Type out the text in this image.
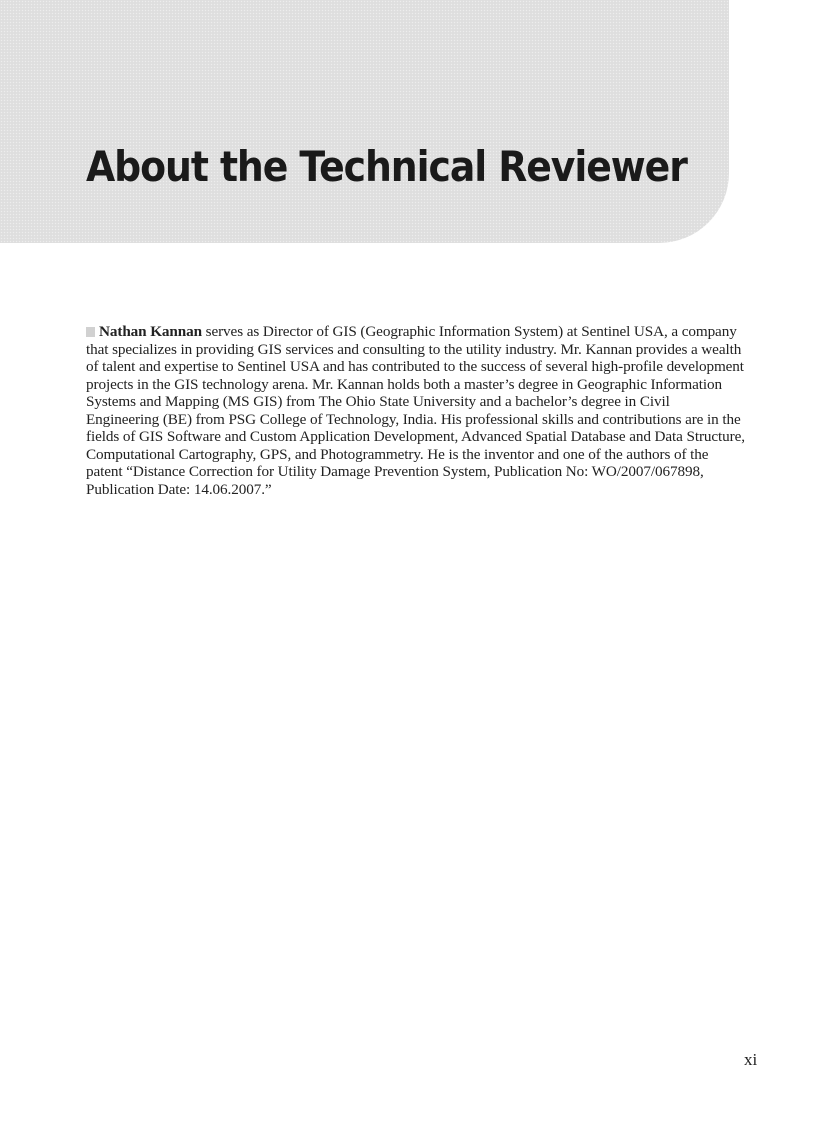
About the Technical Reviewer

Nathan Kannan serves as Director of GIS (Geographic Information System) at Sentinel USA, a company that specializes in providing GIS services and consulting to the utility industry. Mr. Kannan provides a wealth of talent and expertise to Sentinel USA and has contributed to the success of several high-profile development projects in the GIS technology arena. Mr. Kannan holds both a master’s degree in Geographic Information Systems and Mapping (MS GIS) from The Ohio State University and a bachelor’s degree in Civil Engineering (BE) from PSG College of Technology, India. His professional skills and contributions are in the fields of GIS Software and Custom Application Development, Advanced Spatial Database and Data Structure, Computational Cartography, GPS, and Photogrammetry. He is the inventor and one of the authors of the patent “Distance Correction for Utility Damage Prevention System, Publication No: WO/2007/067898, Publication Date: 14.06.2007.”

xi
